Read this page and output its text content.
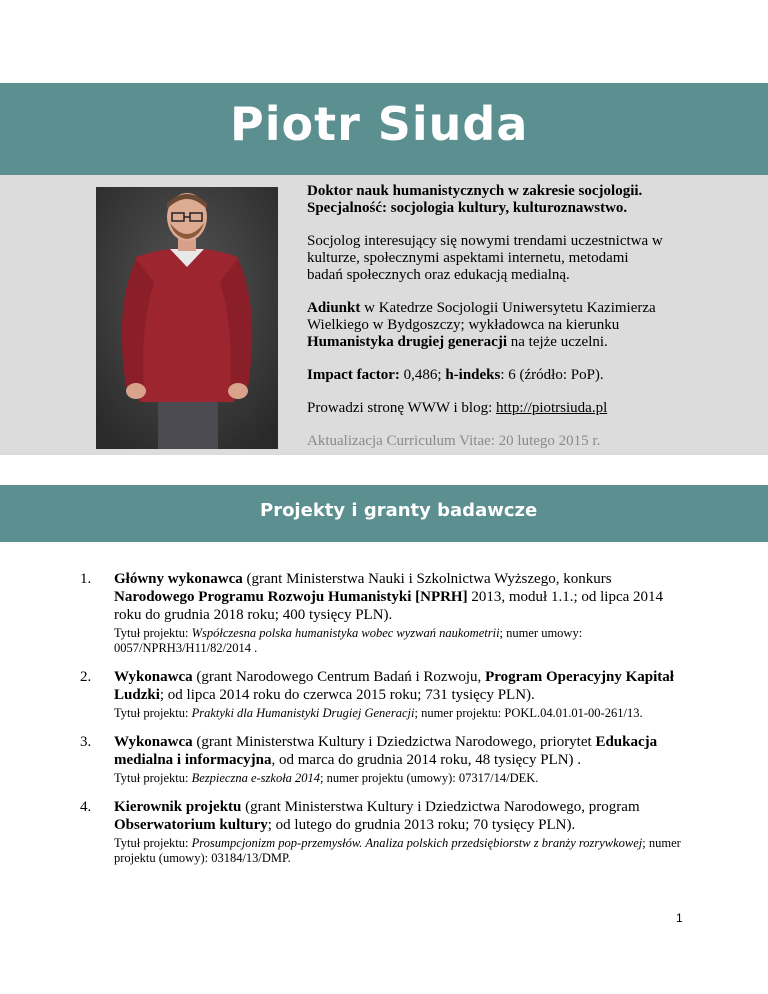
Piotr Siuda

Doktor nauk humanistycznych w zakresie socjologii.
Specjalność: socjologia kultury, kulturoznawstwo.

Socjolog interesujący się nowymi trendami uczestnictwa w kulturze, społecznymi aspektami internetu, metodami badań społecznych oraz edukacją medialną.

Adiunkt w Katedrze Socjologii Uniwersytetu Kazimierza Wielkiego w Bydgoszczy; wykładowca na kierunku Humanistyka drugiej generacji na tejże uczelni.

Impact factor: 0,486; h-indeks: 6 (źródło: PoP).

Prowadzi stronę WWW i blog: http://piotrsiuda.pl

Aktualizacja Curriculum Vitae: 20 lutego 2015 r.

Projekty i granty badawcze
1.	Główny wykonawca (grant Ministerstwa Nauki i Szkolnictwa Wyższego, konkurs Narodowego Programu Rozwoju Humanistyki [NPRH] 2013, moduł 1.1.; od lipca 2014 roku do grudnia 2018 roku; 400 tysięcy PLN).
Tytuł projektu: Współczesna polska humanistyka wobec wyzwań naukometrii; numer umowy: 0057/NPRH3/H11/82/2014 .
2.	Wykonawca (grant Narodowego Centrum Badań i Rozwoju, Program Operacyjny Kapitał Ludzki; od lipca 2014 roku do czerwca 2015 roku; 731 tysięcy PLN).
Tytuł projektu: Praktyki dla Humanistyki Drugiej Generacji; numer projektu: POKL.04.01.01-00-261/13.
3.	Wykonawca (grant Ministerstwa Kultury i Dziedzictwa Narodowego, priorytet Edukacja medialna i informacyjna, od marca do grudnia 2014 roku, 48 tysięcy PLN) .
Tytuł projektu: Bezpieczna e-szkoła 2014; numer projektu (umowy): 07317/14/DEK.
4.	Kierownik projektu (grant Ministerstwa Kultury i Dziedzictwa Narodowego, program Obserwatorium kultury; od lutego do grudnia 2013 roku; 70 tysięcy PLN).
Tytuł projektu: Prosumpcjonizm pop-przemysłów. Analiza polskich przedsiębiorstw z branży rozrywkowej; numer projektu (umowy): 03184/13/DMP.
1
